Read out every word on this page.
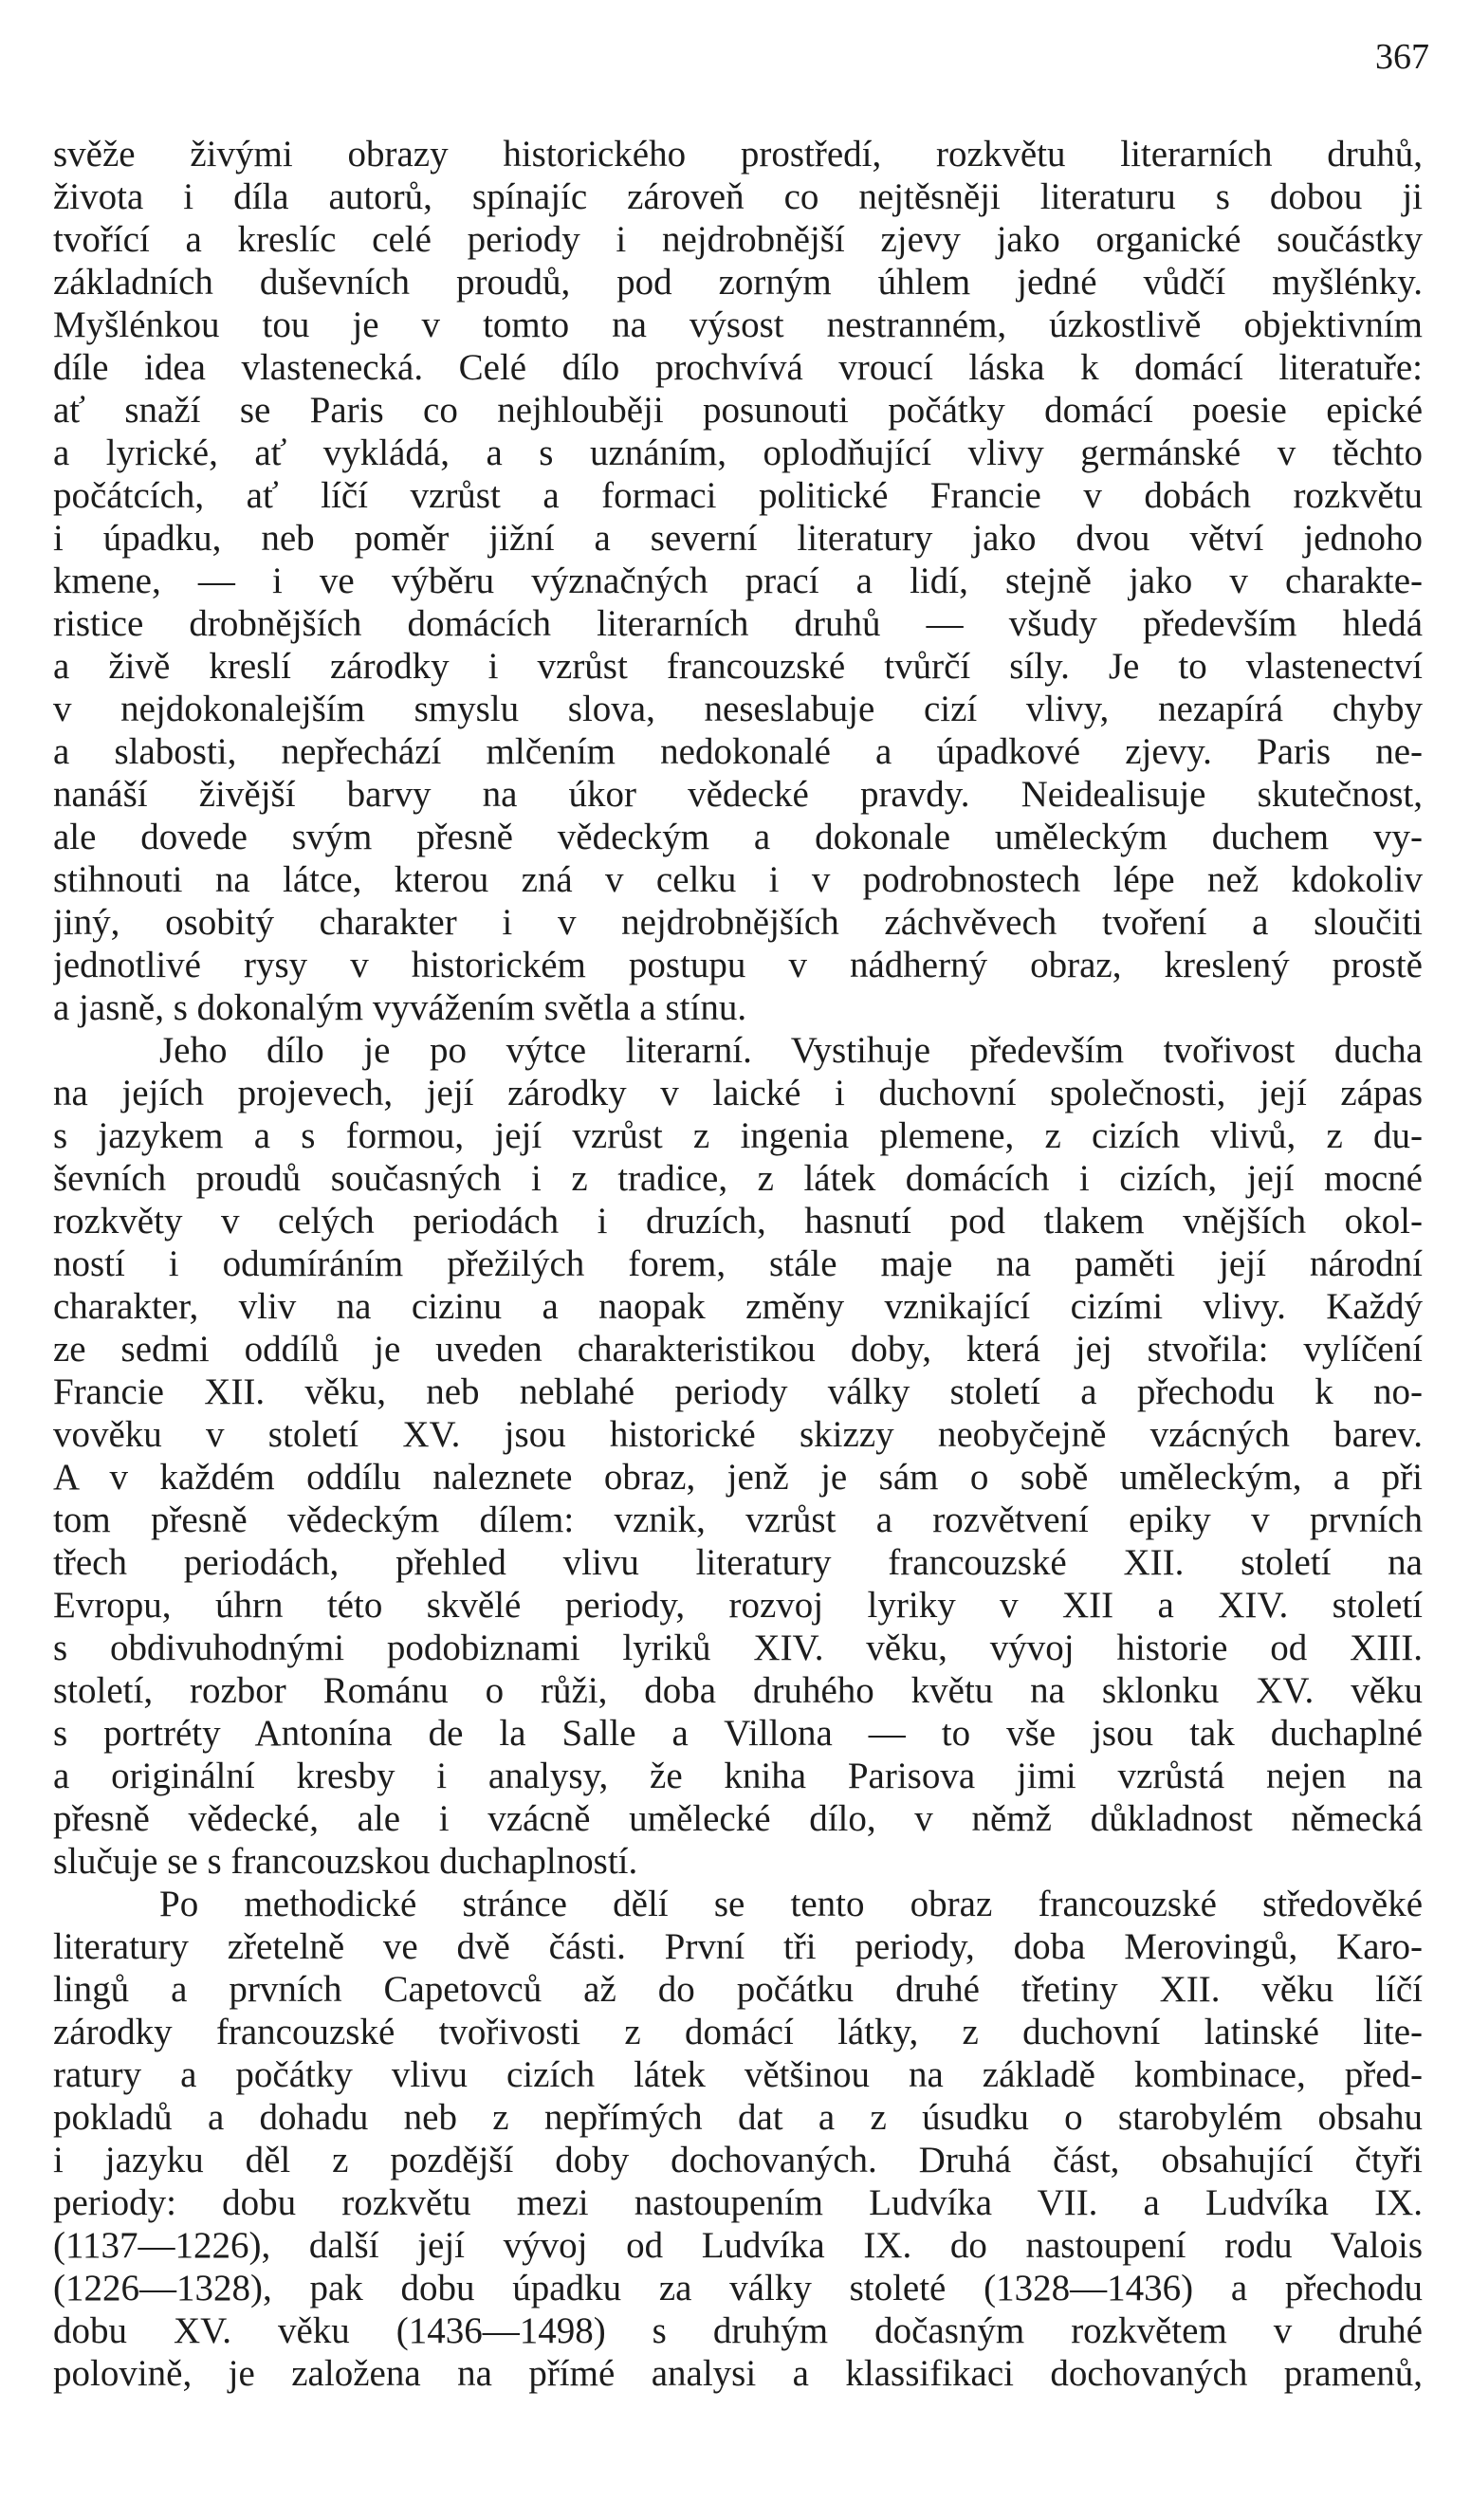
367
svěže živými obrazy historického prostředí, rozkvětu literarních druhů,
života i díla autorů, spínajíc zároveň co nejtěsněji literaturu s dobou ji
tvořící a kreslíc celé periody i nejdrobnější zjevy jako organické součástky
základních duševních proudů, pod zorným úhlem jedné vůdčí myšlénky.
Myšlénkou tou je v tomto na výsost nestranném, úzkostlivě objektivním
díle idea vlastenecká. Celé dílo prochvívá vroucí láska k domácí literatuře:
ať snaží se Paris co nejhlouběji posunouti počátky domácí poesie epické
a lyrické, ať vykládá, a s uznáním, oplodňující vlivy germánské v těchto
počátcích, ať líčí vzrůst a formaci politické Francie v dobách rozkvětu
i úpadku, neb poměr jižní a severní literatury jako dvou větví jednoho
kmene, — i ve výběru význačných prací a lidí, stejně jako v charakte-
ristice drobnějších domácích literarních druhů — všudy především hledá
a živě kreslí zárodky i vzrůst francouzské tvůrčí síly. Je to vlastenectví
v nejdokonalejším smyslu slova, neseslabuje cizí vlivy, nezapírá chyby
a slabosti, nepřechází mlčením nedokonalé a úpadkové zjevy. Paris ne-
nanáší živější barvy na úkor vědecké pravdy. Neidealisuje skutečnost,
ale dovede svým přesně vědeckým a dokonale uměleckým duchem vy-
stihnouti na látce, kterou zná v celku i v podrobnostech lépe než kdokoliv
jiný, osobitý charakter i v nejdrobnějších záchvěvech tvoření a sloučiti
jednotlivé rysy v historickém postupu v nádherný obraz, kreslený prostě
a jasně, s dokonalým vyvážením světla a stínu.
Jeho dílo je po výtce literarní. Vystihuje především tvořivost ducha
na jejích projevech, její zárodky v laické i duchovní společnosti, její zápas
s jazykem a s formou, její vzrůst z ingenia plemene, z cizích vlivů, z du-
ševních proudů současných i z tradice, z látek domácích i cizích, její mocné
rozkvěty v celých periodách i druzích, hasnutí pod tlakem vnějších okol-
ností i odumíráním přežilých forem, stále maje na paměti její národní
charakter, vliv na cizinu a naopak změny vznikající cizími vlivy. Každý
ze sedmi oddílů je uveden charakteristikou doby, která jej stvořila: vylíčení
Francie XII. věku, neb neblahé periody války století a přechodu k no-
vověku v století XV. jsou historické skizzy neobyčejně vzácných barev.
A v každém oddílu naleznete obraz, jenž je sám o sobě uměleckým, a při
tom přesně vědeckým dílem: vznik, vzrůst a rozvětvení epiky v prvních
třech periodách, přehled vlivu literatury francouzské XII. století na
Evropu, úhrn této skvělé periody, rozvoj lyriky v XII a XIV. století
s obdivuhodnými podobiznami lyriků XIV. věku, vývoj historie od XIII.
století, rozbor Románu o růži, doba druhého květu na sklonku XV. věku
s portréty Antonína de la Salle a Villona — to vše jsou tak duchaplné
a originální kresby i analysy, že kniha Parisova jimi vzrůstá nejen na
přesně vědecké, ale i vzácně umělecké dílo, v němž důkladnost německá
slučuje se s francouzskou duchaplností.
Po methodické stránce dělí se tento obraz francouzské středověké
literatury zřetelně ve dvě části. První tři periody, doba Merovingů, Karo-
lingů a prvních Capetovců až do počátku druhé třetiny XII. věku líčí
zárodky francouzské tvořivosti z domácí látky, z duchovní latinské lite-
ratury a počátky vlivu cizích látek většinou na základě kombinace, před-
pokladů a dohadu neb z nepřímých dat a z úsudku o starobylém obsahu
i jazyku děl z pozdější doby dochovaných. Druhá část, obsahující čtyři
periody: dobu rozkvětu mezi nastoupením Ludvíka VII. a Ludvíka IX.
(1137—1226), další její vývoj od Ludvíka IX. do nastoupení rodu Valois
(1226—1328), pak dobu úpadku za války stoleté (1328—1436) a přechodu
dobu XV. věku (1436—1498) s druhým dočasným rozkvětem v druhé
polovině, je založena na přímé analysi a klassifikaci dochovaných pramenů,
